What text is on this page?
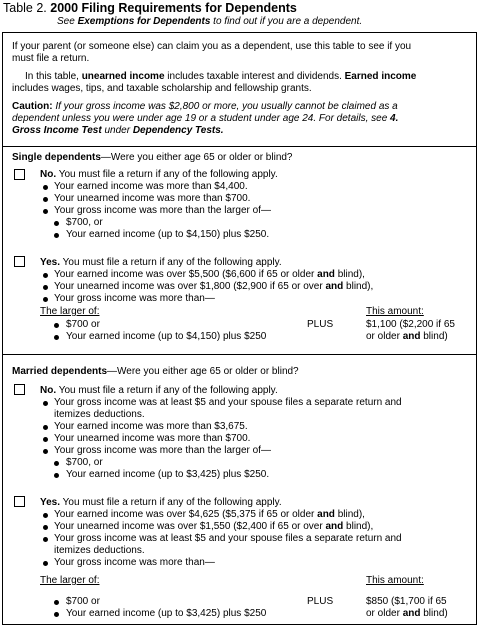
Table 2. 2000 Filing Requirements for Dependents
See Exemptions for Dependents to find out if you are a dependent.
If your parent (or someone else) can claim you as a dependent, use this table to see if you
must file a return.
In this table, unearned income includes taxable interest and dividends. Earned income
includes wages, tips, and taxable scholarship and fellowship grants.
Caution: If your gross income was $2,800 or more, you usually cannot be claimed as a
dependent unless you were under age 19 or a student under age 24. For details, see 4.
Gross Income Test under Dependency Tests.
Single dependents—Were you either age 65 or older or blind?
No. You must file a return if any of the following apply.
Your earned income was more than $4,400.
Your unearned income was more than $700.
Your gross income was more than the larger of—
$700, or
Your earned income (up to $4,150) plus $250.
Yes. You must file a return if any of the following apply.
Your earned income was over $5,500 ($6,600 if 65 or older and blind),
Your unearned income was over $1,800 ($2,900 if 65 or over and blind),
Your gross income was more than—
The larger of:	This amount:
$700 or	PLUS	$1,100 ($2,200 if 65
Your earned income (up to $4,150) plus $250	or older and blind)
Married dependents—Were you either age 65 or older or blind?
No. You must file a return if any of the following apply.
Your gross income was at least $5 and your spouse files a separate return and
itemizes deductions.
Your earned income was more than $3,675.
Your unearned income was more than $700.
Your gross income was more than the larger of—
$700, or
Your earned income (up to $3,425) plus $250.
Yes. You must file a return if any of the following apply.
Your earned income was over $4,625 ($5,375 if 65 or older and blind),
Your unearned income was over $1,550 ($2,400 if 65 or over and blind),
Your gross income was at least $5 and your spouse files a separate return and
itemizes deductions.
Your gross income was more than—
The larger of:	This amount:
$700 or	PLUS	$850 ($1,700 if 65
Your earned income (up to $3,425) plus $250	or older and blind)
